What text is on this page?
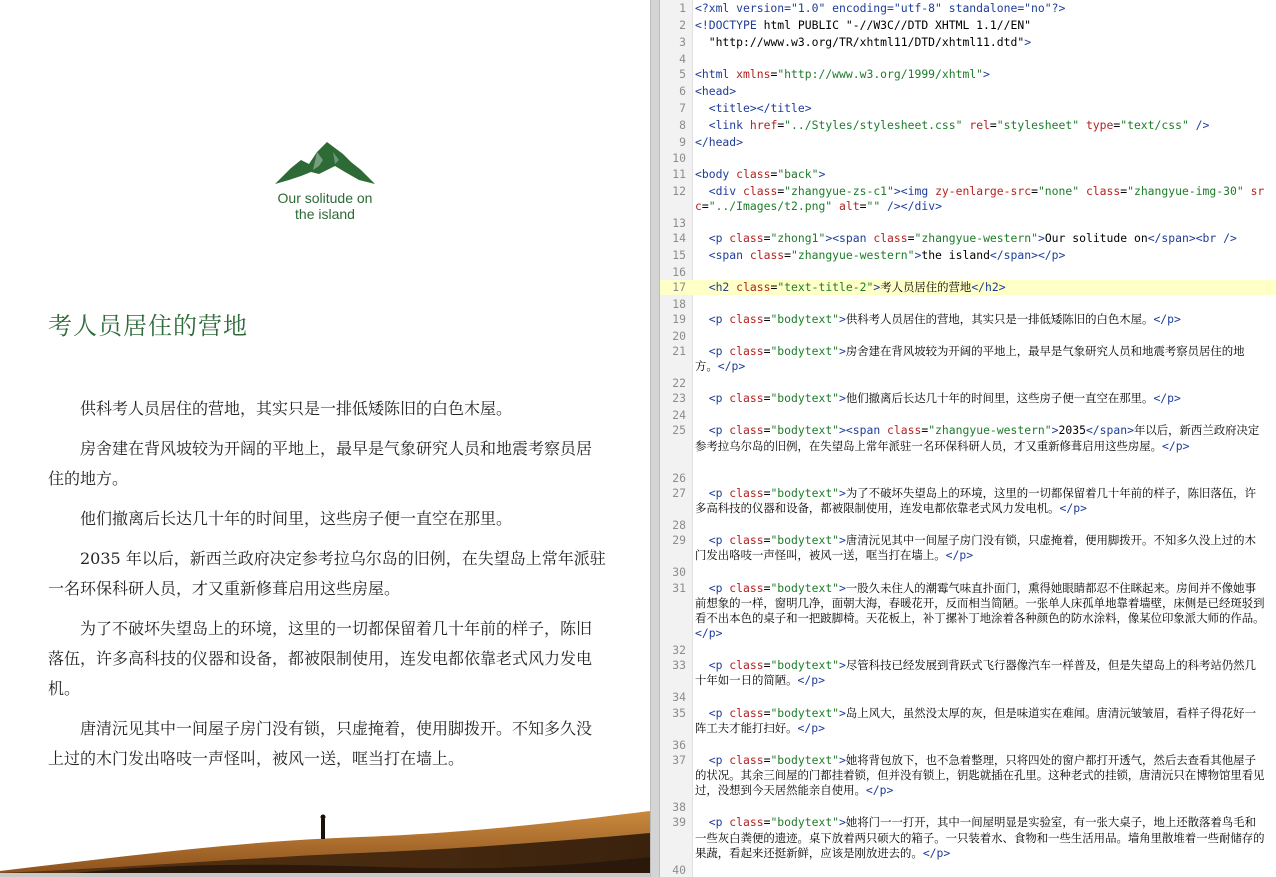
Our solitude on
the island
考人员居住的营地

供科考人员居住的营地，其实只是一排低矮陈旧的白色木屋。

房舍建在背风坡较为开阔的平地上，最早是气象研究人员和地震考察员居住的地方。

他们撤离后长达几十年的时间里，这些房子便一直空在那里。

2035 年以后，新西兰政府决定参考拉乌尔岛的旧例，在失望岛上常年派驻一名环保科研人员，才又重新修葺启用这些房屋。

为了不破坏失望岛上的环境，这里的一切都保留着几十年前的样子，陈旧落伍，许多高科技的仪器和设备，都被限制使用，连发电都依靠老式风力发电机。

唐清沅见其中一间屋子房门没有锁，只虚掩着，使用脚拨开。不知多久没上过的木门发出咯吱一声怪叫，被风一送，哐当打在墙上。

1 <?xml version="1.0" encoding="utf-8" standalone="no"?>
2 <!DOCTYPE html PUBLIC "-//W3C//DTD XHTML 1.1//EN"
3 "http://www.w3.org/TR/xhtml11/DTD/xhtml11.dtd">
4
5 <html xmlns="http://www.w3.org/1999/xhtml">
6 <head>
7	<title></title>
8	<link href="../Styles/stylesheet.css" rel="stylesheet" type="text/css" />
9 </head>
10
11 <body class="back">
12	<div class="zhangyue-zs-c1"><img zy-enlarge-src="none" class="zhangyue-img-30" src="../Images/t2.png" alt="" /></div>
13
14	<p class="zhong1"><span class="zhangyue-western">Our solitude on</span><br />
15	<span class="zhangyue-western">the island</span></p>
16
17	<h2 class="text-title-2">考人员居住的营地</h2>
18
19	<p class="bodytext">供科考人员居住的营地，其实只是一排低矮陈旧的白色木屋。</p>
20
21	<p class="bodytext">房舍建在背风坡较为开阔的平地上，最早是气象研究人员和地震考察员居住的地方。</p>
22
23	<p class="bodytext">他们撤离后长达几十年的时间里，这些房子便一直空在那里。</p>
24
25	<p class="bodytext"><span class="zhangyue-western">2035</span>年以后，新西兰政府决定参考拉乌尔岛的旧例，在失望岛上常年派驻一名环保科研人员，才又重新修葺启用这些房屋。</p>
26
27	<p class="bodytext">为了不破坏失望岛上的环境，这里的一切都保留着几十年前的样子，陈旧落伍，许多高科技的仪器和设备，都被限制使用，连发电都依靠老式风力发电机。</p>
28
29	<p class="bodytext">唐清沅见其中一间屋子房门没有锁，只虚掩着，便用脚拨开。不知多久没上过的木门发出咯吱一声怪叫，被风一送，哐当打在墙上。</p>
30
31	<p class="bodytext">一股久未住人的潮霉气味直扑面门，熏得她眼睛都忍不住眯起来。房间并不像她事前想象的一样，窗明几净，面朝大海，春暖花开，反而相当简陋。一张单人床孤单地靠着墙壁，床侧是已经斑驳到看不出本色的桌子和一把跛脚椅。天花板上，补丁摞补丁地涂着各种颜色的防水涂料，像某位印象派大师的作品。</p>
32
33	<p class="bodytext">尽管科技已经发展到背跃式飞行器像汽车一样普及，但是失望岛上的科考站仍然几十年如一日的简陋。</p>
34
35	<p class="bodytext">岛上风大，虽然没太厚的灰，但是味道实在难闻。唐清沅皱皱眉，看样子得花好一阵工夫才能打扫好。</p>
36
37	<p class="bodytext">她将背包放下，也不急着整理，只将四处的窗户都打开透气，然后去查看其他屋子的状况。其余三间屋的门都挂着锁，但并没有锁上，钥匙就插在孔里。这种老式的挂锁，唐清沅只在博物馆里看见过，没想到今天居然能亲自使用。</p>
38
39	<p class="bodytext">她将门一一打开，其中一间屋明显是实验室，有一张大桌子，地上还散落着鸟毛和一些灰白粪便的遗迹。桌下放着两只硕大的箱子。一只装着水、食物和一些生活用品。墙角里散堆着一些耐储存的果蔬，看起来还挺新鲜，应该是刚放进去的。</p>
40
